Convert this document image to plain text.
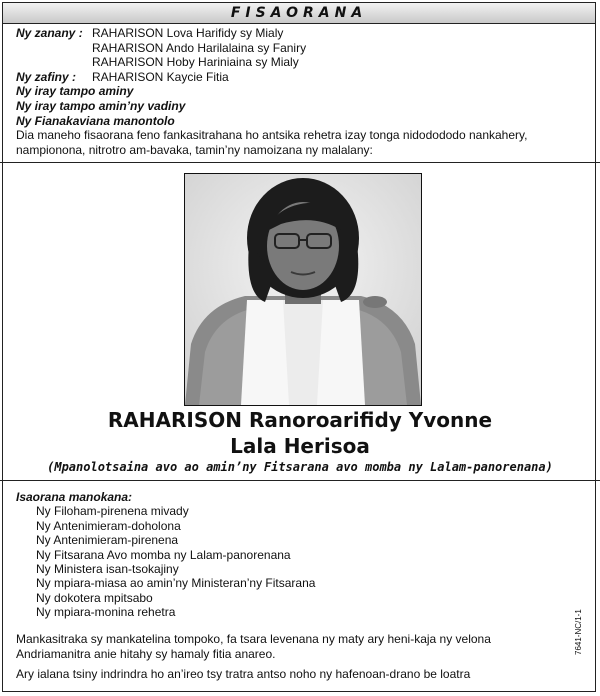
FISAORANA
Ny zanany : RAHARISON Lova Harifidy sy Mialy
RAHARISON Ando Harilalaina sy Faniry
RAHARISON Hoby Hariniaina sy Mialy
Ny zafiny :	RAHARISON Kaycie Fitia
Ny iray tampo aminy
Ny iray tampo amin’ny vadiny
Ny Fianakaviana manontolo

Dia maneho fisaorana feno fankasitrahana ho antsika rehetra izay tonga nidodododo nankahery, nampionona, nitrotro am-bavaka, tamin’ny namoizana ny malalany:

RAHARISON Ranoroarifidy Yvonne
Lala Herisoa
(Mpanolotsaina avo ao amin’ny Fitsarana avo momba ny Lalam-panorenana)
Isaorana manokana:
Ny Filoham-pirenena mivady
Ny Antenimieram-doholona
Ny Antenimieram-pirenena
Ny Fitsarana Avo momba ny Lalam-panorenana
Ny Ministera isan-tsokajiny
Ny mpiara-miasa ao amin’ny Ministeran’ny Fitsarana
Ny dokotera mpitsabo
Ny mpiara-monina rehetra
Mankasitraka sy mankatelina tompoko, fa tsara levenana ny maty ary heni-kaja ny velona
Andriamanitra anie hitahy sy hamaly fitia anareo.
Ary ialana tsiny indrindra ho an’ireo tsy tratra antso noho ny hafenoan-drano be loatra
7641-NC/1-1
